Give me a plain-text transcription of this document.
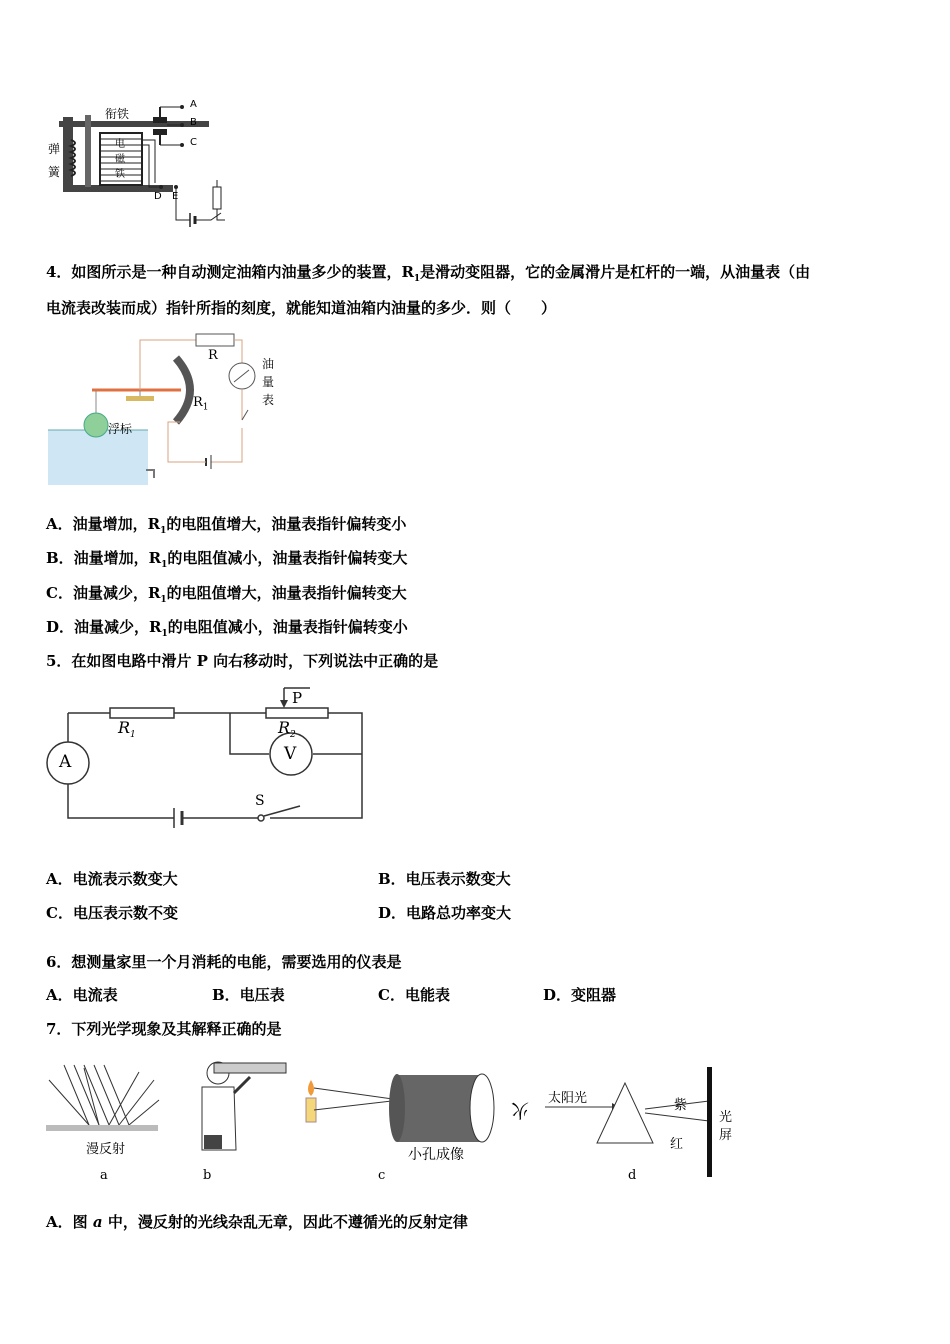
衔铁
电
磁
铁
弹
簧
A
B
C
D E
4．如图所示是一种自动测定油箱内油量多少的装置，$R_1$是滑动变阻器，它的金属滑片是杠杆的一端，从油量表（由
电流表改装而成）指针所指的刻度，就能知道油箱内油量的多少．则（　　）
R
$R_1$
油
量
表
浮标
A．油量增加，$R_1$的电阻值增大，油量表指针偏转变小
B．油量增加，$R_1$的电阻值减小，油量表指针偏转变大
C．油量减少，$R_1$的电阻值增大，油量表指针偏转变大
D．油量减少，$R_1$的电阻值减小，油量表指针偏转变小
5．在如图电路中滑片 P 向右移动时，下列说法中正确的是
P
$R_1$	$R_2$
A	V
S
A．电流表示数变大	B．电压表示数变大
C．电压表示数不变	D．电路总功率变大
6．想测量家里一个月消耗的电能，需要选用的仪表是
A．电流表	B．电压表	C．电能表	D．变阻器
7．下列光学现象及其解释正确的是
漫反射	小孔成像
火
太阳光	紫
红
光
屏
a	b	c	d
A．图 a 中，漫反射的光线杂乱无章，因此不遵循光的反射定律
